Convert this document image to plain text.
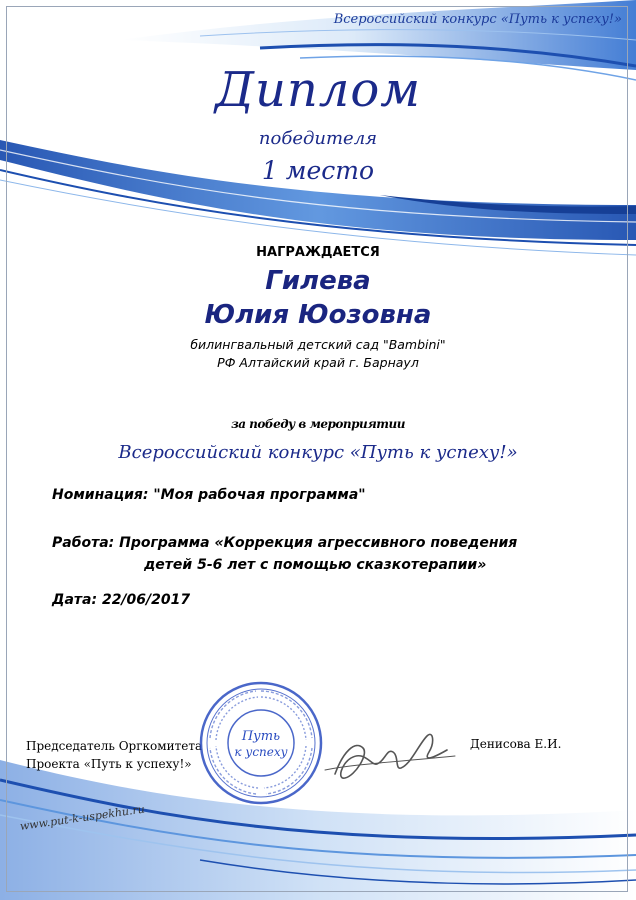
Всероссийский конкурс «Путь к успеху!»
Диплом
победителя
1 место
НАГРАЖДАЕТСЯ
Гилева
Юлия Юозовна
билингвальный детский сад "Bambini"
РФ Алтайский край г. Барнаул
за победу в мероприятии
Всероссийский конкурс «Путь к успеху!»
Номинация: "Моя рабочая программа"
Работа: Программа «Коррекция агрессивного поведения
детей 5-6 лет с помощью сказкотерапии»
Дата: 22/06/2017
Председатель Оргкомитета
Проекта «Путь к успеху!»
Путь
к успеху
Денисова Е.И.
www.put-k-uspekhu.ru
